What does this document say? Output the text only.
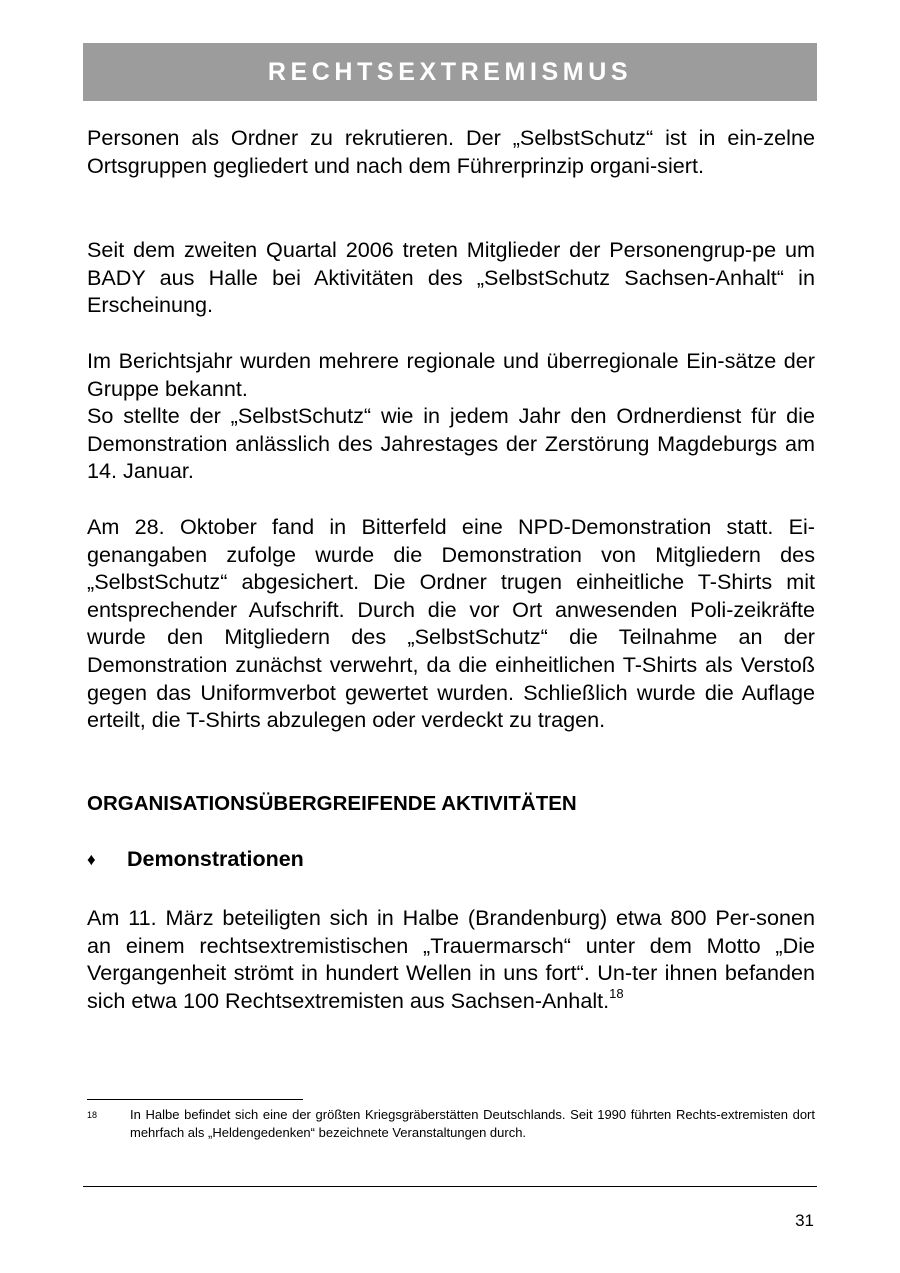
RECHTSEXTREMISMUS

Personen als Ordner zu rekrutieren. Der „SelbstSchutz“ ist in ein-zelne Ortsgruppen gegliedert und nach dem Führerprinzip organi-siert.

Seit dem zweiten Quartal 2006 treten Mitglieder der Personengrup-pe um BADY aus Halle bei Aktivitäten des „SelbstSchutz Sachsen-Anhalt“ in Erscheinung.

Im Berichtsjahr wurden mehrere regionale und überregionale Ein-sätze der Gruppe bekannt.

So stellte der „SelbstSchutz“ wie in jedem Jahr den Ordnerdienst für die Demonstration anlässlich des Jahrestages der Zerstörung Magdeburgs am 14. Januar.

Am 28. Oktober fand in Bitterfeld eine NPD-Demonstration statt. Ei-genangaben zufolge wurde die Demonstration von Mitgliedern des „SelbstSchutz“ abgesichert. Die Ordner trugen einheitliche T-Shirts mit entsprechender Aufschrift. Durch die vor Ort anwesenden Poli-zeikräfte wurde den Mitgliedern des „SelbstSchutz“ die Teilnahme an der Demonstration zunächst verwehrt, da die einheitlichen T-Shirts als Verstoß gegen das Uniformverbot gewertet wurden. Schließlich wurde die Auflage erteilt, die T-Shirts abzulegen oder verdeckt zu tragen.

ORGANISATIONSÜBERGREIFENDE AKTIVITÄTEN
♦	Demonstrationen

Am 11. März beteiligten sich in Halbe (Brandenburg) etwa 800 Per-sonen an einem rechtsextremistischen „Trauermarsch“ unter dem Motto „Die Vergangenheit strömt in hundert Wellen in uns fort“. Un-ter ihnen befanden sich etwa 100 Rechtsextremisten aus Sachsen-Anhalt.$^{18}$

18	In Halbe befindet sich eine der größten Kriegsgräberstätten Deutschlands. Seit 1990 führten Rechts-extremisten dort mehrfach als „Heldengedenken“ bezeichnete Veranstaltungen durch.
31
